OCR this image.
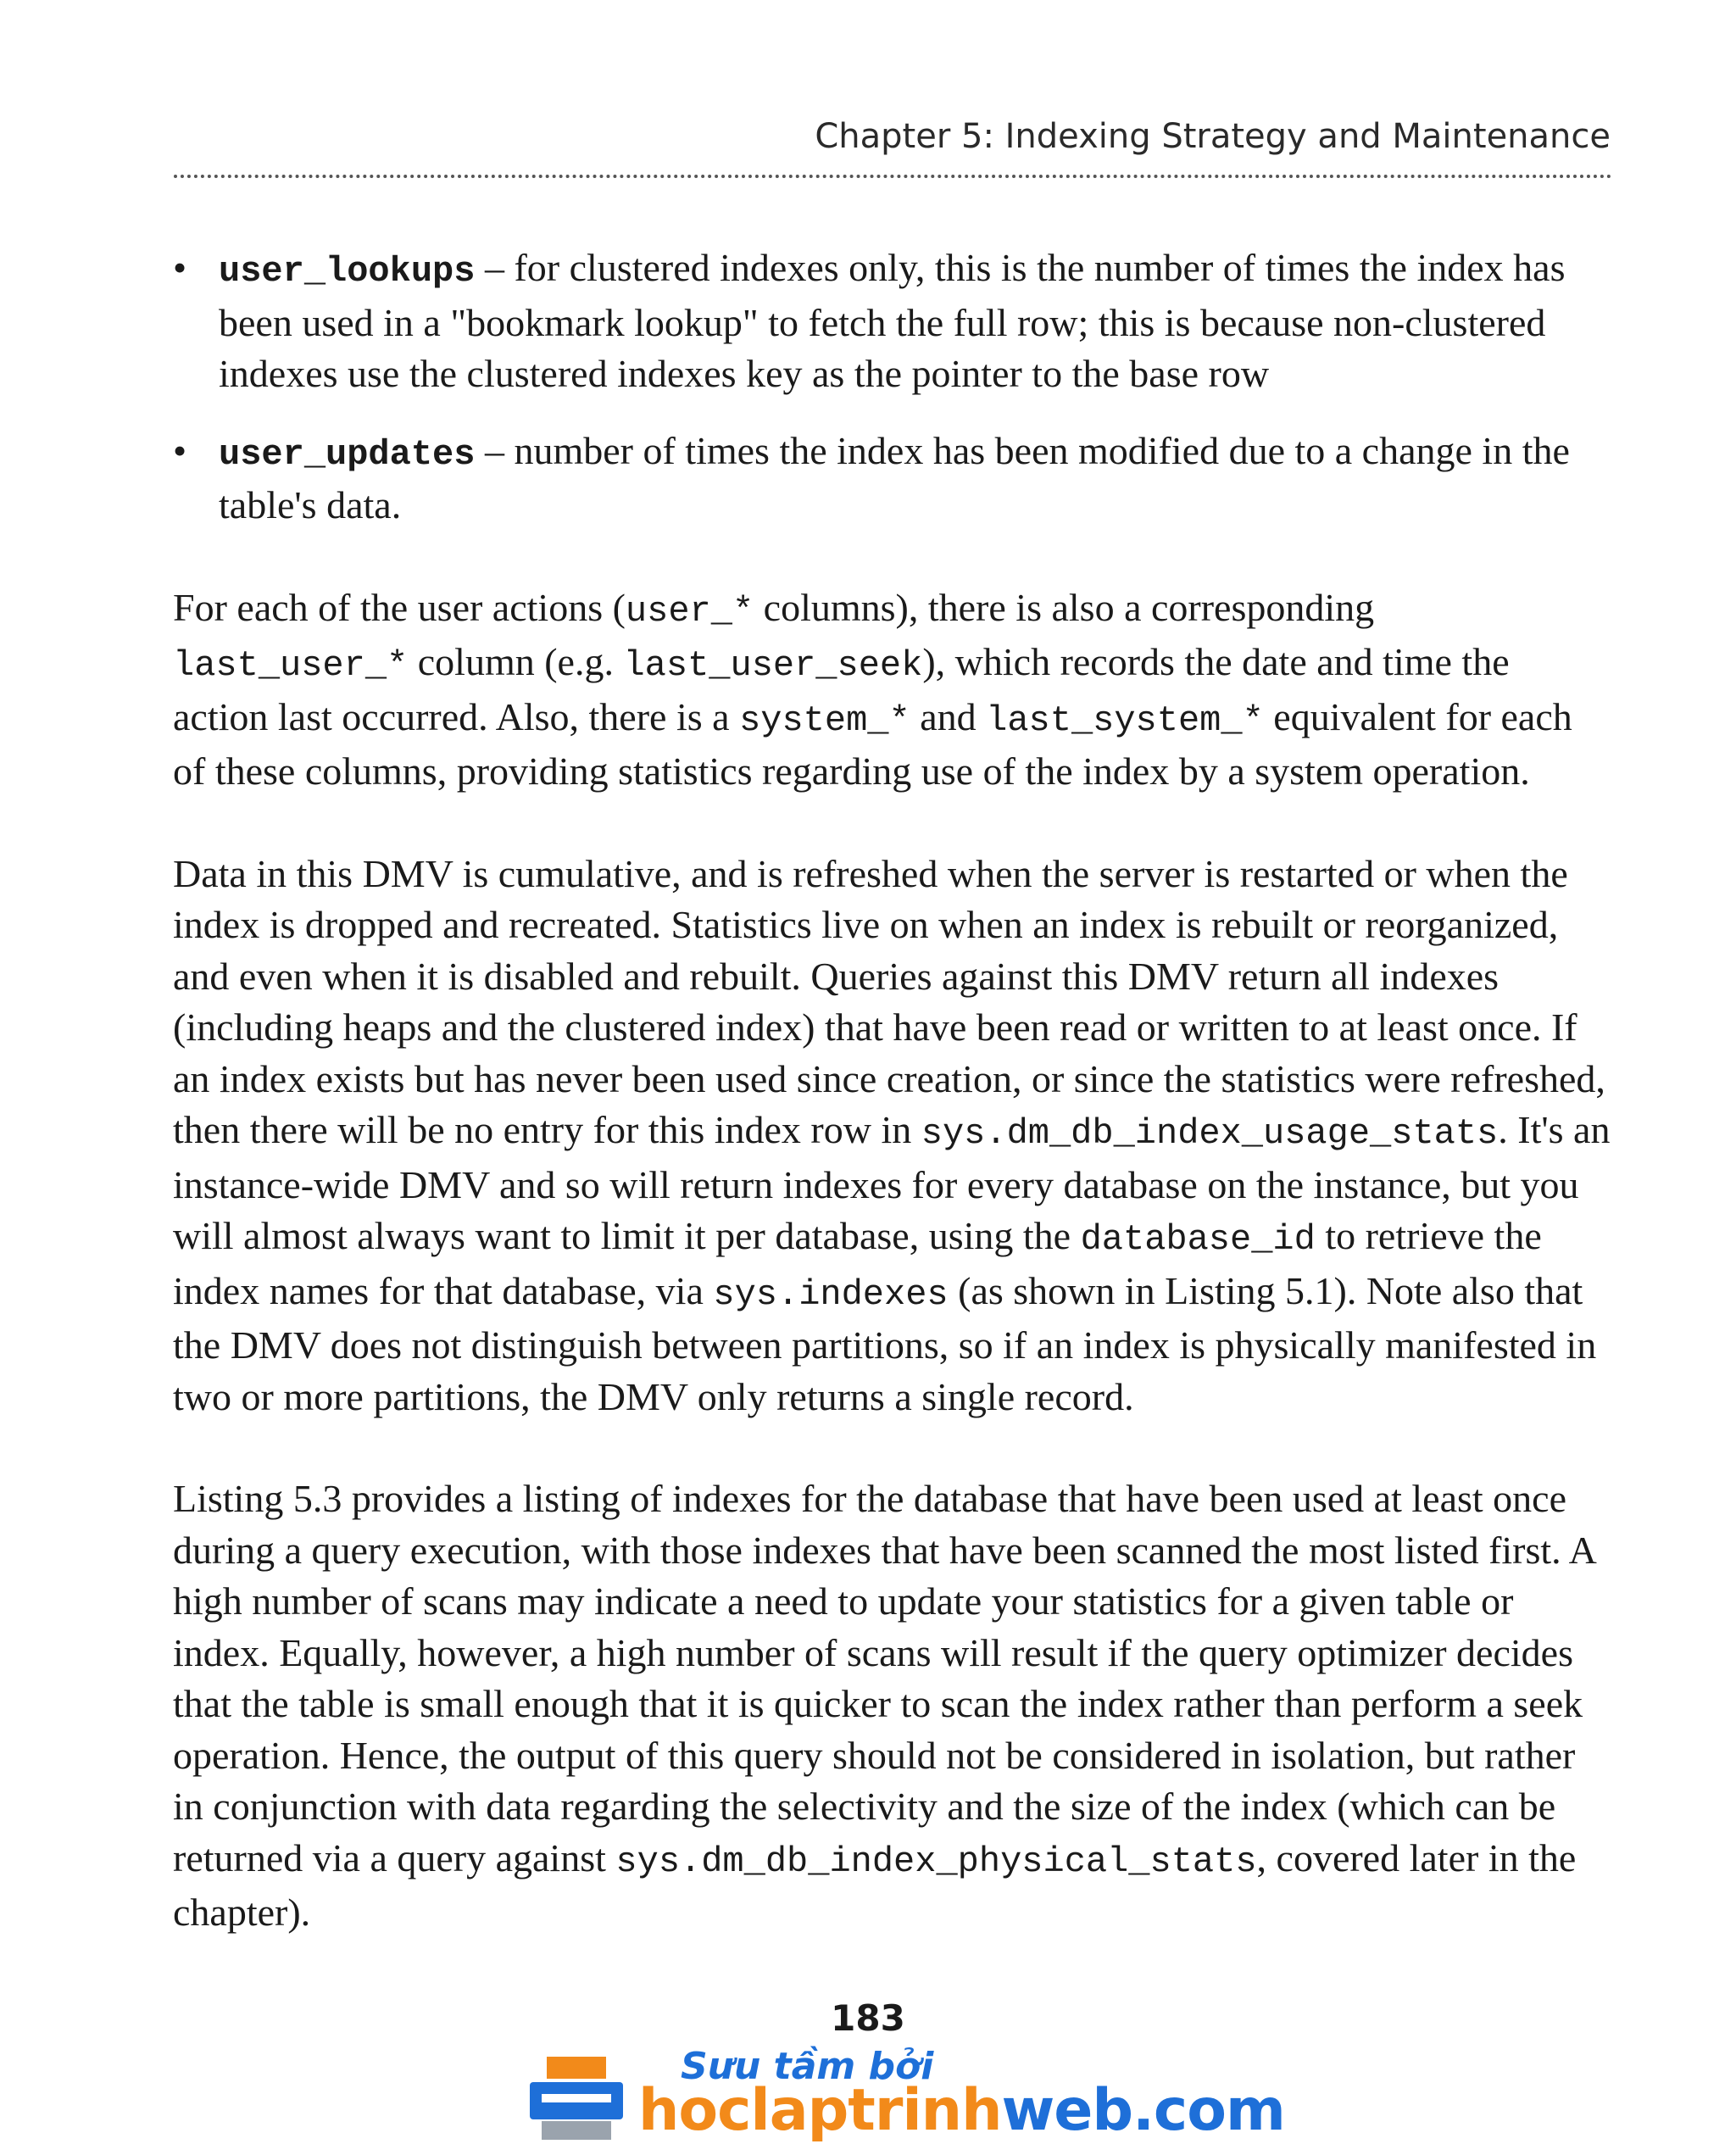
Chapter 5: Indexing Strategy and Maintenance
• user_lookups – for clustered indexes only, this is the number of times the index has been used in a "bookmark lookup" to fetch the full row; this is because non-clustered indexes use the clustered indexes key as the pointer to the base row
• user_updates – number of times the index has been modified due to a change in the table's data.

For each of the user actions (user_* columns), there is also a corresponding last_user_* column (e.g. last_user_seek), which records the date and time the action last occurred. Also, there is a system_* and last_system_* equivalent for each of these columns, providing statistics regarding use of the index by a system operation.

Data in this DMV is cumulative, and is refreshed when the server is restarted or when the index is dropped and recreated. Statistics live on when an index is rebuilt or reorganized, and even when it is disabled and rebuilt. Queries against this DMV return all indexes (including heaps and the clustered index) that have been read or written to at least once. If an index exists but has never been used since creation, or since the statistics were refreshed, then there will be no entry for this index row in sys.dm_db_index_usage_stats. It's an instance-wide DMV and so will return indexes for every database on the instance, but you will almost always want to limit it per database, using the database_id to retrieve the index names for that database, via sys.indexes (as shown in Listing 5.1). Note also that the DMV does not distinguish between partitions, so if an index is physically manifested in two or more partitions, the DMV only returns a single record.

Listing 5.3 provides a listing of indexes for the database that have been used at least once during a query execution, with those indexes that have been scanned the most listed first. A high number of scans may indicate a need to update your statistics for a given table or index. Equally, however, a high number of scans will result if the query optimizer decides that the table is small enough that it is quicker to scan the index rather than perform a seek operation. Hence, the output of this query should not be considered in isolation, but rather in conjunction with data regarding the selectivity and the size of the index (which can be returned via a query against sys.dm_db_index_physical_stats, covered later in the chapter).

183
Sưu tầm bởi
hoclaptrinhweb.com
